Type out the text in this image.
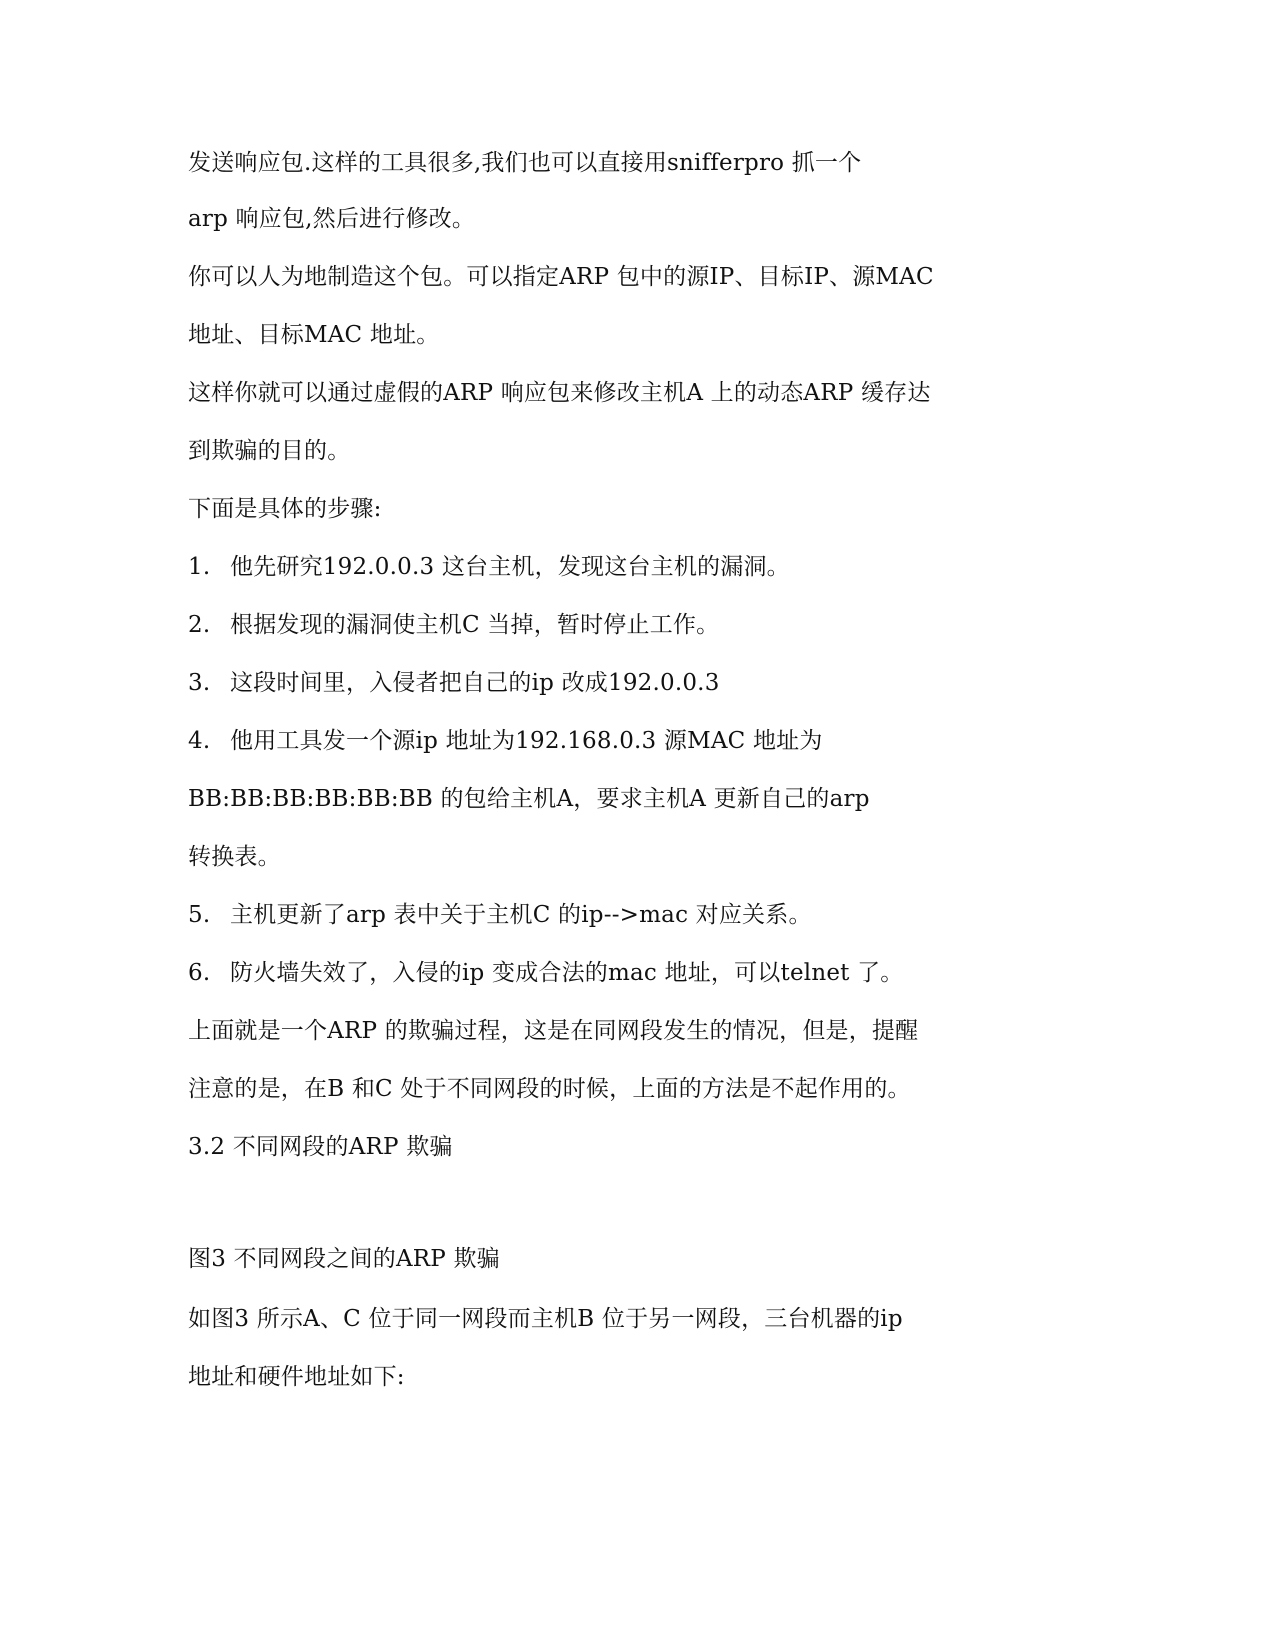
发送响应包.这样的工具很多,我们也可以直接用snifferpro 抓一个
arp 响应包,然后进行修改。
你可以人为地制造这个包。可以指定ARP 包中的源IP、目标IP、源MAC
地址、目标MAC 地址。
这样你就可以通过虚假的ARP 响应包来修改主机A 上的动态ARP 缓存达
到欺骗的目的。
下面是具体的步骤:
1. 他先研究192.0.0.3 这台主机，发现这台主机的漏洞。
2. 根据发现的漏洞使主机C 当掉，暂时停止工作。
3. 这段时间里，入侵者把自己的ip 改成192.0.0.3
4. 他用工具发一个源ip 地址为192.168.0.3 源MAC 地址为
BB:BB:BB:BB:BB:BB 的包给主机A，要求主机A 更新自己的arp
转换表。
5. 主机更新了arp 表中关于主机C 的ip-->mac 对应关系。
6. 防火墙失效了，入侵的ip 变成合法的mac 地址，可以telnet 了。
上面就是一个ARP 的欺骗过程，这是在同网段发生的情况，但是，提醒
注意的是，在B 和C 处于不同网段的时候，上面的方法是不起作用的。
3.2 不同网段的ARP 欺骗
图3 不同网段之间的ARP 欺骗
如图3 所示A、C 位于同一网段而主机B 位于另一网段，三台机器的ip
地址和硬件地址如下:
